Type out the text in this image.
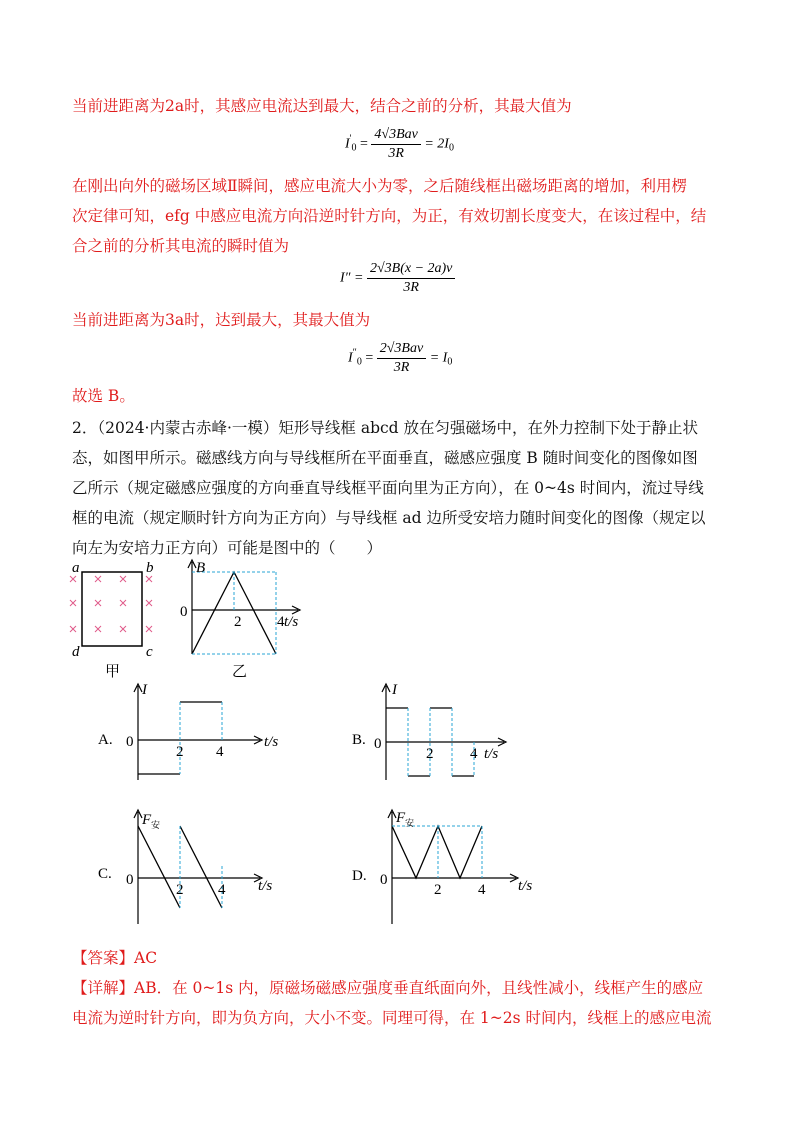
当前进距离为2a时，其感应电流达到最大，结合之前的分析，其最大值为
$I'_0 = \frac{\text{4√3Bav}}{3R} = 2I_0$
在刚出向外的磁场区域Ⅱ瞬间，感应电流大小为零，之后随线框出磁场距离的增加，利用楞
次定律可知，efg 中感应电流方向沿逆时针方向，为正，有效切割长度变大，在该过程中，结
合之前的分析其电流的瞬时值为
$I'' = \frac{2√3B(x - 2a)v}{3R}$
当前进距离为3a时，达到最大，其最大值为
$I''_0 = \frac{\text{2√3Bav}}{3R} = I_0$
故选 B。
2．（2024·内蒙古赤峰·一模）矩形导线框 abcd 放在匀强磁场中，在外力控制下处于静止状
态，如图甲所示。磁感线方向与导线框所在平面垂直，磁感应强度 B 随时间变化的图像如图
乙所示（规定磁感应强度的方向垂直导线框平面向里为正方向），在 0~4s 时间内，流过导线
框的电流（规定顺时针方向为正方向）与导线框 ad 边所受安培力随时间变化的图像（规定以
向左为安培力正方向）可能是图中的（　　）
a	b
c
d
甲
B
0
2 4 t/s
乙
A.
I
0
2 4
t/s	B.
I
0
2 4 t/s
C.
F 安
0
2 4 t/s
D.
F 安
0
2 4 t/s
【答案】AC
【详解】AB．在 0~1s 内，原磁场磁感应强度垂直纸面向外，且线性减小，线框产生的感应
电流为逆时针方向，即为负方向，大小不变。同理可得，在 1~2s 时间内，线框上的感应电流
